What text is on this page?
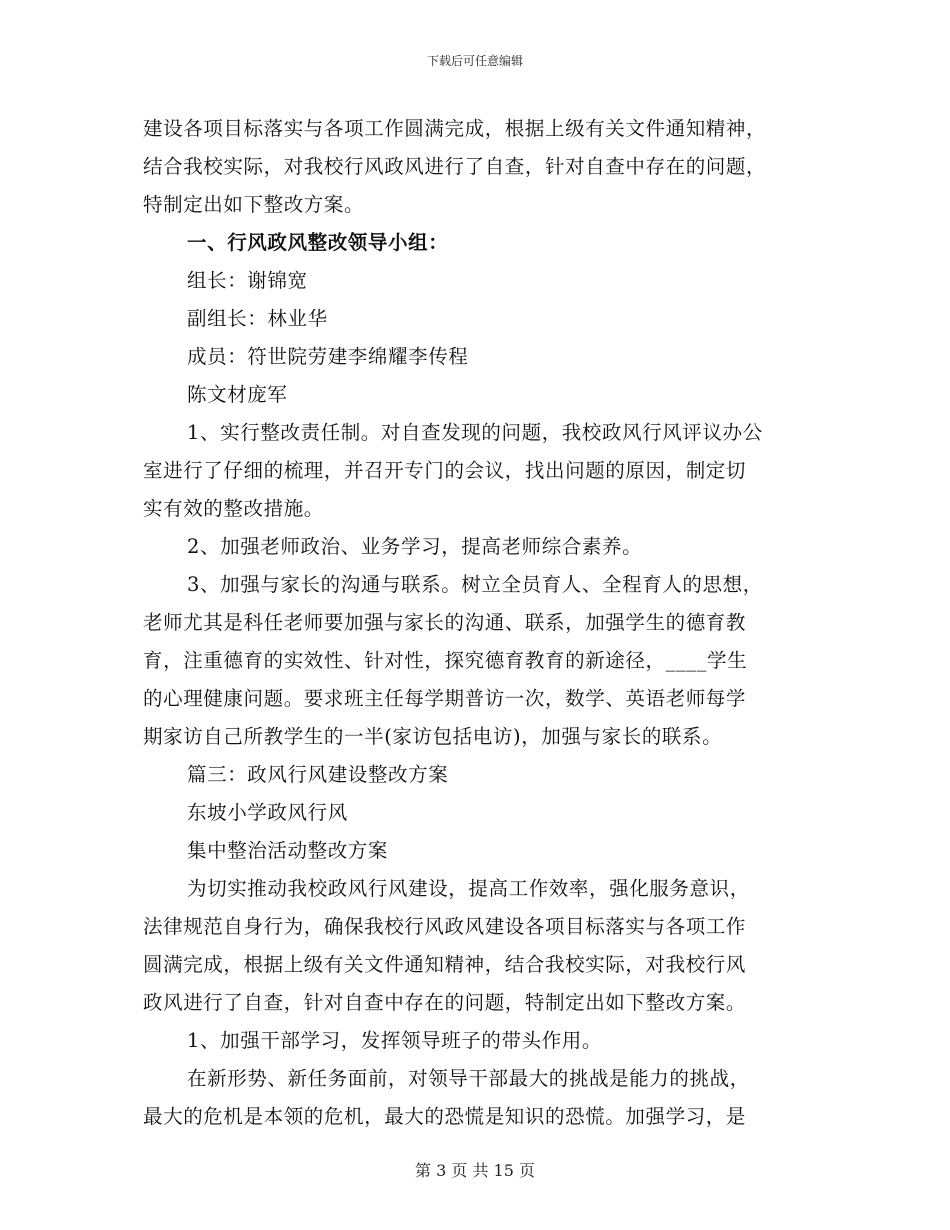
下载后可任意编辑
建设各项目标落实与各项工作圆满完成，根据上级有关文件通知精神，
结合我校实际，对我校行风政风进行了自查，针对自查中存在的问题，
特制定出如下整改方案。
一、行风政风整改领导小组：
组长：谢锦宽
副组长：林业华
成员：符世院劳建李绵耀李传程
陈文材庞军
1、实行整改责任制。对自查发现的问题，我校政风行风评议办公
室进行了仔细的梳理，并召开专门的会议，找出问题的原因，制定切
实有效的整改措施。
2、加强老师政治、业务学习，提高老师综合素养。
3、加强与家长的沟通与联系。树立全员育人、全程育人的思想，
老师尤其是科任老师要加强与家长的沟通、联系，加强学生的德育教
育，注重德育的实效性、针对性，探究德育教育的新途径，____学生
的心理健康问题。要求班主任每学期普访一次，数学、英语老师每学
期家访自己所教学生的一半(家访包括电访)，加强与家长的联系。
篇三：政风行风建设整改方案
东坡小学政风行风
集中整治活动整改方案
为切实推动我校政风行风建设，提高工作效率，强化服务意识，
法律规范自身行为，确保我校行风政风建设各项目标落实与各项工作
圆满完成，根据上级有关文件通知精神，结合我校实际，对我校行风
政风进行了自查，针对自查中存在的问题，特制定出如下整改方案。
1、加强干部学习，发挥领导班子的带头作用。
在新形势、新任务面前，对领导干部最大的挑战是能力的挑战，
最大的危机是本领的危机，最大的恐慌是知识的恐慌。加强学习，是
第 3 页 共 15 页
